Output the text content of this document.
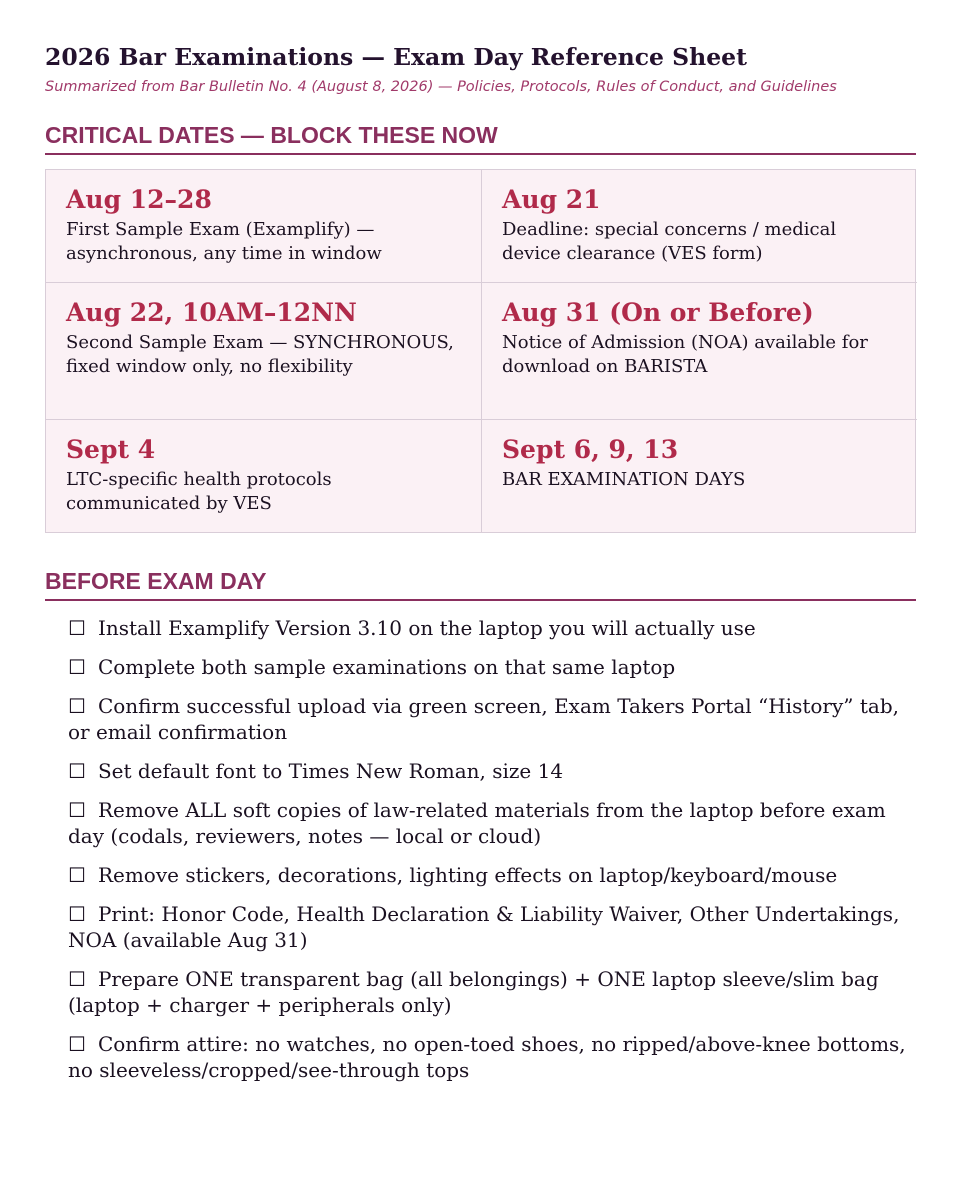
2026 Bar Examinations — Exam Day Reference Sheet

Summarized from Bar Bulletin No. 4 (August 8, 2026) — Policies, Protocols, Rules of Conduct, and Guidelines

CRITICAL DATES — BLOCK THESE NOW
Aug 12–28
First Sample Exam (Examplify) — asynchronous, any time in window
Aug 21
Deadline: special concerns / medical device clearance (VES form)
Aug 22, 10AM–12NN
Second Sample Exam — SYNCHRONOUS, fixed window only, no flexibility
Aug 31 (On or Before)
Notice of Admission (NOA) available for download on BARISTA
Sept 4
LTC-specific health protocols communicated by VES
Sept 6, 9, 13
BAR EXAMINATION DAYS
BEFORE EXAM DAY
☐ Install Examplify Version 3.10 on the laptop you will actually use
☐ Complete both sample examinations on that same laptop
☐ Confirm successful upload via green screen, Exam Takers Portal “History” tab, or email confirmation
☐ Set default font to Times New Roman, size 14
☐ Remove ALL soft copies of law-related materials from the laptop before exam day (codals, reviewers, notes — local or cloud)
☐ Remove stickers, decorations, lighting effects on laptop/keyboard/mouse
☐ Print: Honor Code, Health Declaration & Liability Waiver, Other Undertakings, NOA (available Aug 31)
☐ Prepare ONE transparent bag (all belongings) + ONE laptop sleeve/slim bag (laptop + charger + peripherals only)
☐ Confirm attire: no watches, no open-toed shoes, no ripped/above-knee bottoms, no sleeveless/cropped/see-through tops
